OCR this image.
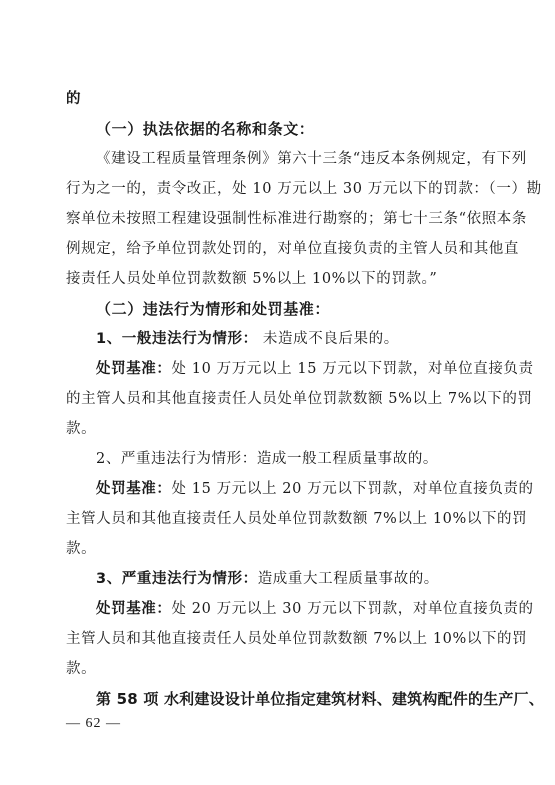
的
（一）执法依据的名称和条文：
《建设工程质量管理条例》第六十三条“违反本条例规定，有下列
行为之一的，责令改正，处 10 万元以上 30 万元以下的罚款：（一）勘
察单位未按照工程建设强制性标准进行勘察的；第七十三条“依照本条
例规定，给予单位罚款处罚的，对单位直接负责的主管人员和其他直
接责任人员处单位罚款数额 5%以上 10%以下的罚款。”
（二）违法行为情形和处罚基准：
1、一般违法行为情形： 未造成不良后果的。
处罚基准：处 10 万万元以上 15 万元以下罚款，对单位直接负责
的主管人员和其他直接责任人员处单位罚款数额 5%以上 7%以下的罚
款。
2、严重违法行为情形：造成一般工程质量事故的。
处罚基准：处 15 万元以上 20 万元以下罚款，对单位直接负责的
主管人员和其他直接责任人员处单位罚款数额 7%以上 10%以下的罚
款。
3、严重违法行为情形：造成重大工程质量事故的。
处罚基准：处 20 万元以上 30 万元以下罚款，对单位直接负责的
主管人员和其他直接责任人员处单位罚款数额 7%以上 10%以下的罚
款。
第 58 项 水利建设设计单位指定建筑材料、建筑构配件的生产厂、
— 62 —
